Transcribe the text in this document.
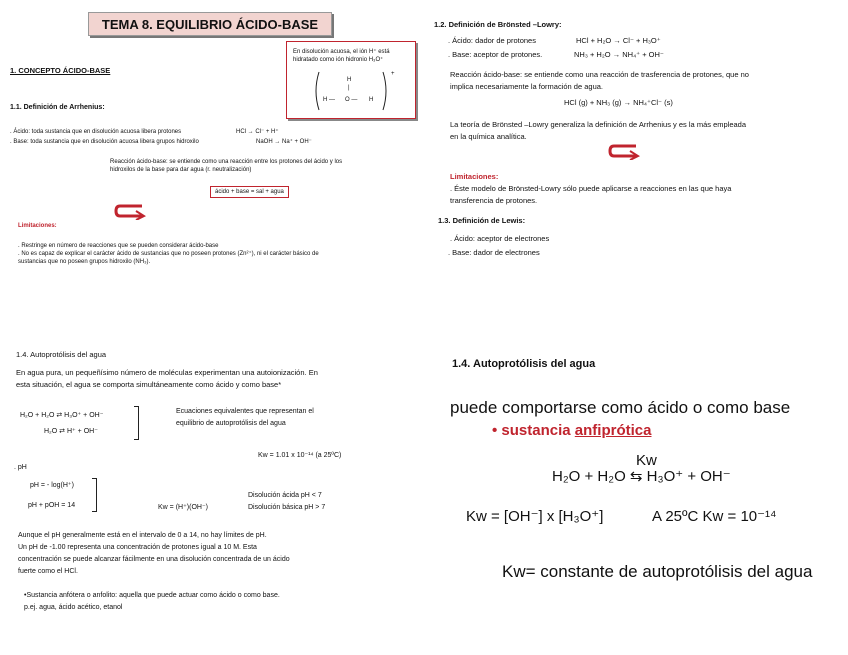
TEMA 8. EQUILIBRIO ÁCIDO-BASE
1. CONCEPTO ÁCIDO-BASE
1.1. Definición de Arrhenius:
En disolución acuosa, el ión H⁺ está
hidratado como ión hidronio H₃O⁺
H
|
H — O — H
+
. Ácido: toda sustancia que en disolución acuosa libera protones	HCl → Cl⁻ + H⁺
. Base: toda sustancia que en disolución acuosa libera grupos hidroxilo	NaOH → Na⁺ + OH⁻
Reacción ácido-base: se entiende como una reacción entre los protones del ácido y los
hidroxilos de la base para dar agua (r. neutralización)
ácido + base = sal + agua
Limitaciones:
. Restringe en número de reacciones que se pueden considerar ácido-base
. No es capaz de explicar el carácter ácido de sustancias que no poseen protones (Zn²⁺), ni el carácter básico de
sustancias que no poseen grupos hidroxilo (NH₃).
1.2. Definición de Brönsted –Lowry:
. Ácido: dador de protones	HCl + H₂O → Cl⁻ + H₃O⁺
. Base: aceptor de protones.	NH₃ + H₂O → NH₄⁺ + OH⁻
Reacción ácido-base: se entiende como una reacción de trasferencia de protones, que no
implica necesariamente la formación de agua.
HCl (g) + NH₃ (g) → NH₄⁺Cl⁻ (s)
La teoría de Brönsted –Lowry generaliza la definición de Arrhenius y es la más empleada
en la química analítica.
Limitaciones:
. Éste modelo de Brönsted-Lowry sólo puede aplicarse a reacciones en las que haya
transferencia de protones.
1.3. Definición de Lewis:
. Ácido: aceptor de electrones
. Base: dador de electrones
1.4. Autoprotólisis del agua
En agua pura, un pequeñísimo número de moléculas experimentan una autoionización. En
esta situación, el agua se comporta simultáneamente como ácido y como base*
H₂O + H₂O ⇄ H₃O⁺ + OH⁻
H₂O ⇄ H⁺ + OH⁻
Ecuaciones equivalentes que representan el
equilibrio de autoprotólisis del agua
Kw = 1.01 x 10⁻¹⁴ (a 25ºC)
. pH
pH = - log(H⁺)
pH + pOH = 14	Kw = (H⁺)(OH⁻)
Disolución ácida pH < 7
Disolución básica pH > 7
Aunque el pH generalmente está en el intervalo de 0 a 14, no hay límites de pH.
Un pH de -1.00 representa una concentración de protones igual a 10 M. Esta
concentración se puede alcanzar fácilmente en una disolución concentrada de un ácido
fuerte como el HCl.
•Sustancia anfótera o anfolito: aquella que puede actuar como ácido o como base.
p.ej. agua, ácido acético, etanol
1.4. Autoprotólisis del agua
puede comportarse como ácido o como base
• sustancia anfiprótica
Kw
H₂O + H₂O ⇆ H₃O⁺ + OH⁻
Kw = [OH⁻] x [H₃O⁺]	A 25ºC Kw = 10⁻¹⁴
Kw= constante de autoprotólisis del agua
